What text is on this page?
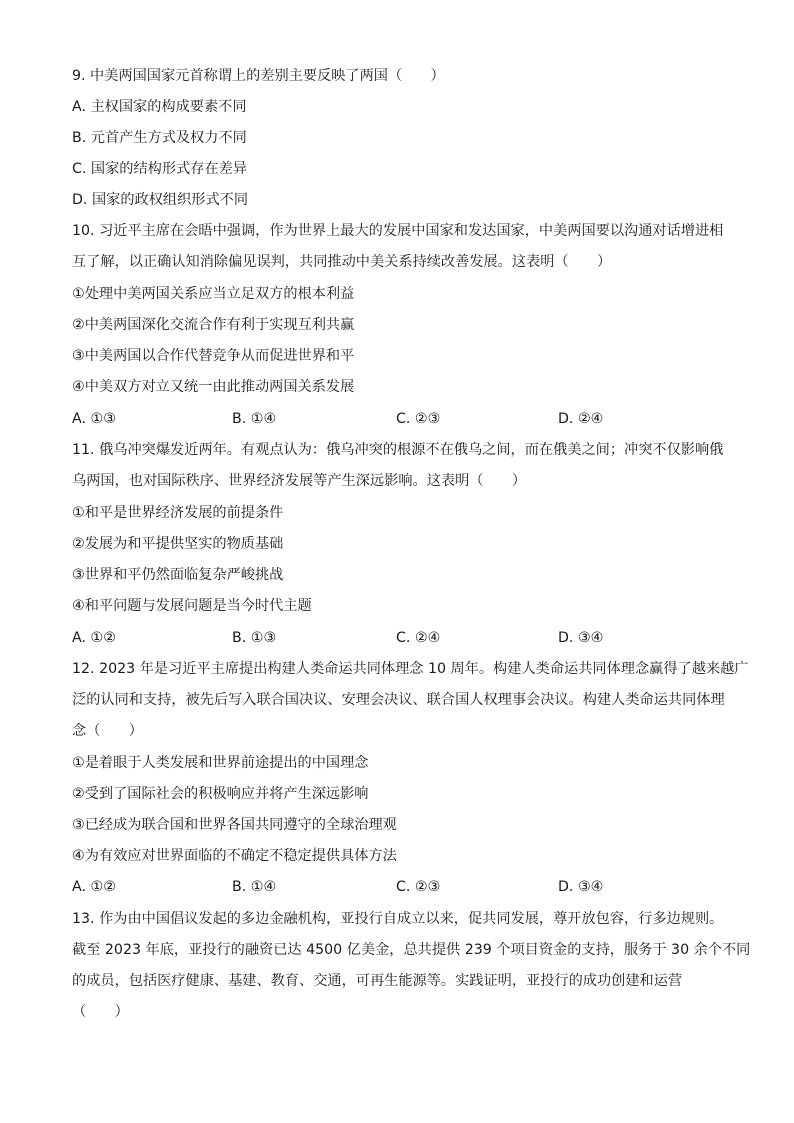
9. 中美两国国家元首称谓上的差别主要反映了两国（　　）
A. 主权国家的构成要素不同
B. 元首产生方式及权力不同
C. 国家的结构形式存在差异
D. 国家的政权组织形式不同
10. 习近平主席在会晤中强调，作为世界上最大的发展中国家和发达国家，中美两国要以沟通对话增进相
互了解，以正确认知消除偏见误判，共同推动中美关系持续改善发展。这表明（　　）
①处理中美两国关系应当立足双方的根本利益
②中美两国深化交流合作有利于实现互利共赢
③中美两国以合作代替竞争从而促进世界和平
④中美双方对立又统一由此推动两国关系发展
A. ①③	B. ①④	C. ②③	D. ②④
11. 俄乌冲突爆发近两年。有观点认为：俄乌冲突的根源不在俄乌之间，而在俄美之间；冲突不仅影响俄
乌两国，也对国际秩序、世界经济发展等产生深远影响。这表明（　　）
①和平是世界经济发展的前提条件
②发展为和平提供坚实的物质基础
③世界和平仍然面临复杂严峻挑战
④和平问题与发展问题是当今时代主题
A. ①②	B. ①③	C. ②④	D. ③④
12. 2023 年是习近平主席提出构建人类命运共同体理念 10 周年。构建人类命运共同体理念赢得了越来越广
泛的认同和支持，被先后写入联合国决议、安理会决议、联合国人权理事会决议。构建人类命运共同体理
念（　　）
①是着眼于人类发展和世界前途提出的中国理念
②受到了国际社会的积极响应并将产生深远影响
③已经成为联合国和世界各国共同遵守的全球治理观
④为有效应对世界面临的不确定不稳定提供具体方法
A. ①②	B. ①④	C. ②③	D. ③④
13. 作为由中国倡议发起的多边金融机构，亚投行自成立以来，促共同发展，尊开放包容，行多边规则。
截至 2023 年底，亚投行的融资已达 4500 亿美金，总共提供 239 个项目资金的支持，服务于 30 余个不同
的成员，包括医疗健康、基建、教育、交通，可再生能源等。实践证明，亚投行的成功创建和运营
（　　）
